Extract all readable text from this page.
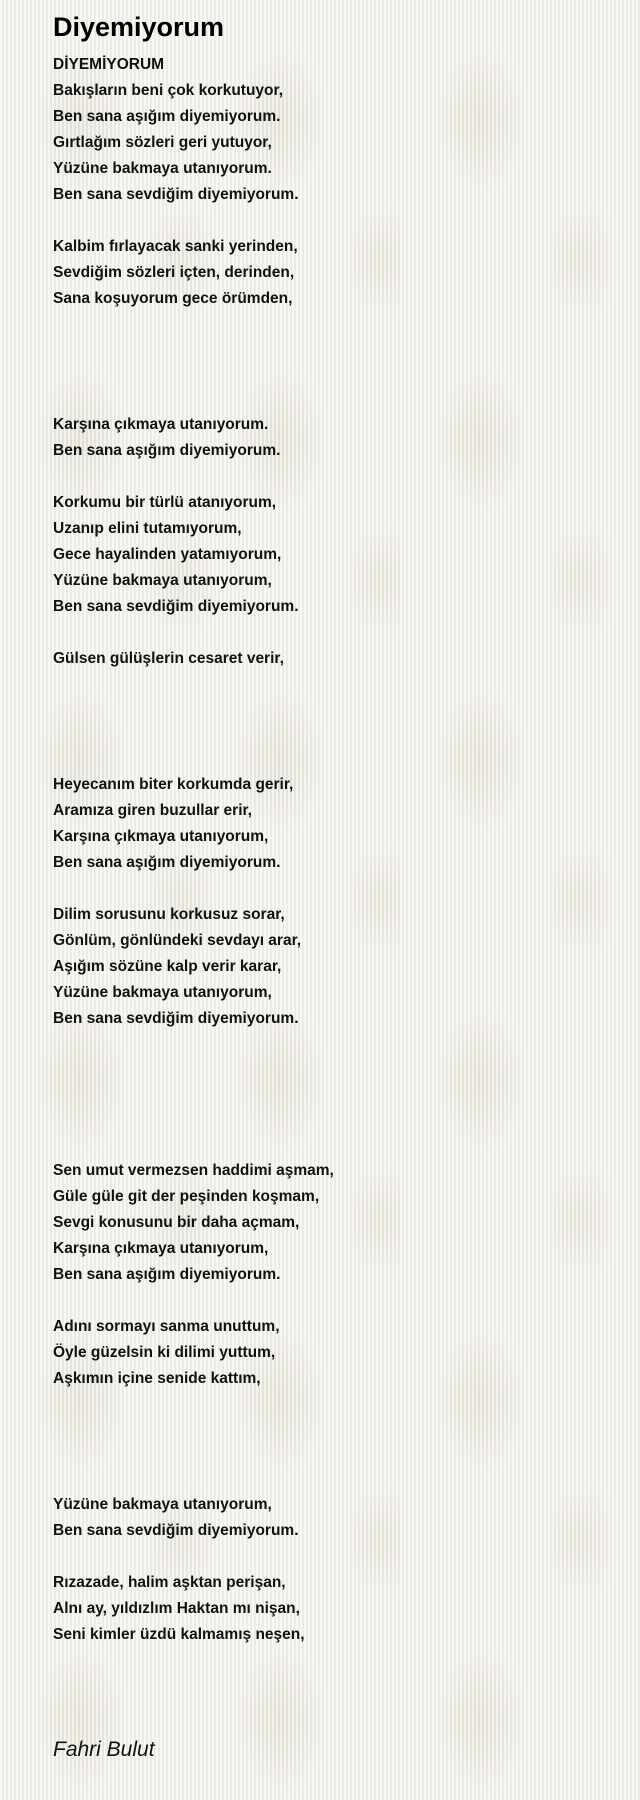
Diyemiyorum
DİYEMİYORUM
Bakışların beni çok korkutuyor,
Ben sana aşığım diyemiyorum.
Gırtlağım sözleri geri yutuyor,
Yüzüne bakmaya utanıyorum.
Ben sana sevdiğim diyemiyorum.
Kalbim fırlayacak sanki yerinden,
Sevdiğim sözleri içten, derinden,
Sana koşuyorum gece örümden,
Karşına çıkmaya utanıyorum.
Ben sana aşığım diyemiyorum.
Korkumu bir türlü atanıyorum,
Uzanıp elini tutamıyorum,
Gece hayalinden yatamıyorum,
Yüzüne bakmaya utanıyorum,
Ben sana sevdiğim diyemiyorum.
Gülsen gülüşlerin cesaret verir,
Heyecanım biter korkumda gerir,
Aramıza giren buzullar erir,
Karşına çıkmaya utanıyorum,
Ben sana aşığım diyemiyorum.
Dilim sorusunu korkusuz sorar,
Gönlüm, gönlündeki sevdayı arar,
Aşığım sözüne kalp verir karar,
Yüzüne bakmaya utanıyorum,
Ben sana sevdiğim diyemiyorum.
Sen umut vermezsen haddimi aşmam,
Güle güle git der peşinden koşmam,
Sevgi konusunu bir daha açmam,
Karşına çıkmaya utanıyorum,
Ben sana aşığım diyemiyorum.
Adını sormayı sanma unuttum,
Öyle güzelsin ki dilimi yuttum,
Aşkımın içine senide kattım,
Yüzüne bakmaya utanıyorum,
Ben sana sevdiğim diyemiyorum.
Rızazade, halim aşktan perişan,
Alnı ay, yıldızlım Haktan mı nişan,
Seni kimler üzdü kalmamış neşen,
Fahri Bulut
